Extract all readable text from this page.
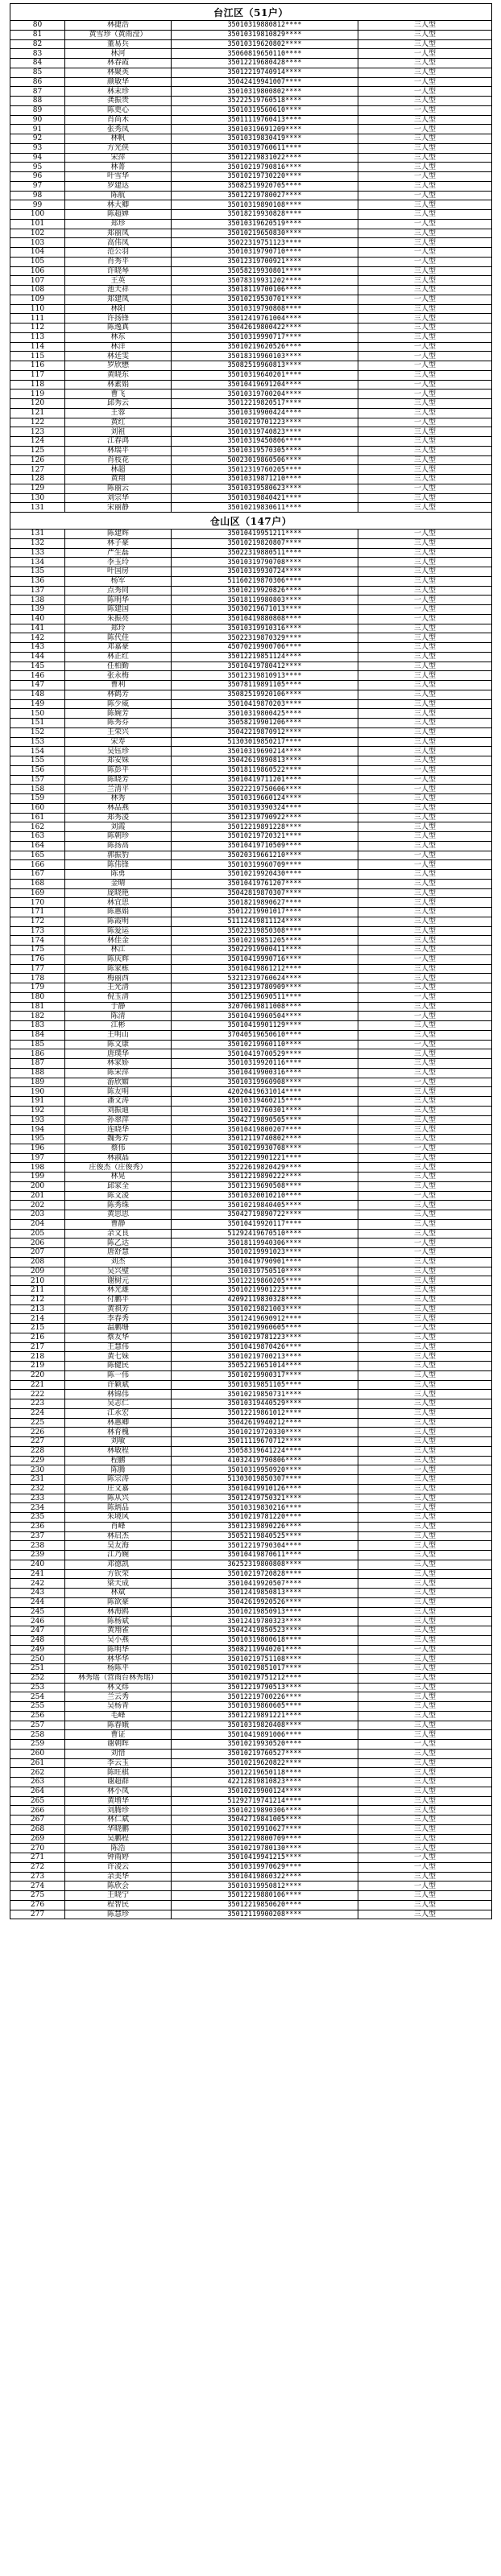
台江区（51户）			
80	林捷浩	35010319880812****	三人型
81	黄雪珍（黄雨滢）	35010319810829****	三人型
82	董易兵	35010319620802****	三人型
83	林河	35060819650110****	一人型
84	林春霞	35012219680428****	三人型
85	林聚英	35012219740914****	三人型
86	颜敏华	35042419941007****	一人型
87	林末珍	35010319800802****	一人型
88	龚振贵	35222519760518****	三人型
89	陈更心	35010319560610****	一人型
90	肖尚木	35011119760413****	三人型
91	张秀凤	35010319691209****	一人型
92	林帆	35010319830419****	三人型
93	方光侠	35010319760611****	三人型
94	宋萍	35012219831022****	三人型
95	林菁	35010219790816****	三人型
96	叶雪华	35010219730220****	一人型
97	罗建达	35082519920705****	三人型
98	陈航	35012219780027****	一人型
99	林大卿	35010319890108****	三人型
100	陈超婵	35018219930828****	三人型
101	郑珍	35010319620519****	一人型
102	郑丽凤	35010219650830****	三人型
103	高伟凤	35022319751123****	三人型
104	范公羽	35010319790710****	一人型
105	肖秀平	35012319700921****	一人型
106	许晓琴	35058219930801****	三人型
107	王英	35078319931202****	三人型
108	池天祥	35018119700106****	三人型
109	郑建凤	35010219530701****	一人型
110	林阳	35010319790808****	三人型
111	许扬锋	35012419761004****	三人型
112	陈逸真	35042619800422****	三人型
113	林东	35010319990717****	三人型
114	林洋	35010219620526****	一人型
115	林廷雯	35018319960103****	一人型
116	罗欣懋	35082519960813****	一人型
117	黄晓东	35010319640201****	三人型
118	林素娟	35010419691204****	一人型
119	曹飞	35010319700204****	一人型
120	邱秀云	35012219820517****	三人型
121	王蓉	35010319900424****	三人型
122	黄红	35010219701223****	一人型
123	刘祖	35010319740823****	三人型
124	江春鸿	35010319450806****	三人型
125	林瑞平	35010319570305****	三人型
126	肖枝花	50023019860506****	三人型
127	林超	35012319760205****	三人型
128	黄翔	35010319871210****	三人型
129	陈丽云	35010319580623****	一人型
130	刘宗华	35010319840421****	三人型
131	宋丽静	35010219830611****	三人型
仓山区（147户）			
131	陈建辉	35010419951211****	一人型
132	林子豪	35010219820807****	三人型
133	严生磊	35022319880511****	三人型
134	李玉玲	35010319790708****	三人型
135	叶国房	35010319930724****	三人型
136	杨军	51160219870306****	三人型
137	点秀同	35010219920826****	三人型
138	陈明华	35018119980803****	一人型
139	陈建国	35030219671013****	一人型
140	朱振亮	35010419880808****	一人型
141	郑玲	35010319910316****	三人型
142	陈代佳	35022319870329****	三人型
143	邓嘉豪	45070219900706****	三人型
144	林正红	35012219851124****	三人型
145	任柏勤	35010419780412****	三人型
146	张永梅	35012319810913****	三人型
147	曹利	35078119891105****	三人型
148	林鹤芳	35082519920106****	三人型
149	陈少威	35010419870203****	三人型
150	陈婉芳	35010319800425****	三人型
151	陈秀芬	35058219901206****	三人型
152	王荣兴	35042219870912****	三人型
153	宋寿	51303019850217****	三人型
154	吴钰珍	35010319690214****	三人型
155	郑安妹	35042619890813****	三人型
156	陈彭平	35018119860522****	一人型
157	陈晓芳	35010419711201****	一人型
158	兰清平	35022219750606****	一人型
159	林秀	35010319660124****	三人型
160	林品燕	35010319390324****	三人型
161	郑秀凌	35012319790922****	三人型
162	刘霞	35012219891228****	三人型
163	陈朝珍	35010219720321****	三人型
164	陈扬高	35010419710509****	三人型
165	郭振豹	35020319661210****	一人型
166	陈伟锋	35010319960709****	一人型
167	陈勇	35010219920430****	三人型
168	金晴	35010419761207****	三人型
169	庞晓艳	35042819870307****	三人型
170	林宜思	35018219890627****	三人型
171	陈惠娟	35012219901017****	三人型
172	陈霞明	51112419811124****	三人型
173	陈爱运	35022319850308****	三人型
174	林佳金	35010219851205****	三人型
175	林江	35022919900411****	三人型
176	陈庆辉	35010419990716****	一人型
177	陈家栋	35010419861212****	三人型
178	梅丽西	53212319760624****	三人型
179	王光清	35012319780909****	三人型
180	倪玉清	35012519690511****	一人型
181	于静	32070619811008****	三人型
182	陈清	35010419960504****	一人型
183	江彬	35010419901129****	三人型
184	王明山	37040519650610****	三人型
185	陈文康	35010219960110****	一人型
186	唐璞华	35010419700529****	三人型
187	林家娇	35010319920116****	三人型
188	陈宋萍	35010419900316****	三人型
189	游欣媚	35010319960908****	一人型
190	陈友明	42020419631014****	三人型
191	潘文涛	35010319460215****	三人型
192	刘振迪	35010219760301****	三人型
193	孙翠萍	35042719890505****	三人型
194	连晓华	35010419800207****	三人型
195	魏秀芳	35012119740802****	三人型
196	蔡伟	35010219930708****	一人型
197	林淑晶	35012219901221****	三人型
198	庄俊杰（庄俊秀）	35222619820429****	三人型
199	林晃	35012219890222****	三人型
200	邱家全	35012319690508****	三人型
201	陈文凌	35010320010210****	一人型
202	陈秀珠	35010219840405****	三人型
203	黄思思	35042719890722****	三人型
204	曹静	35010419920117****	三人型
205	余文良	51292419670510****	三人型
206	陈乙达	35018119940306****	一人型
207	唐舒慧	35010219991023****	一人型
208	刘杰	35010419790901****	三人型
209	吴兴璧	35010319750510****	三人型
210	谢树元	35012219860205****	三人型
211	林光雄	35010219901223****	三人型
212	付鹏平	42092119830328****	三人型
213	黄祺芳	35010219821003****	三人型
214	李春秀	35012419690912****	三人型
215	温鹏珊	35010219960605****	一人型
216	蔡友华	35010219781223****	三人型
217	王慧伟	35010419870426****	三人型
218	黄七妹	35010219700213****	三人型
219	陈健民	35052219651014****	三人型
220	陈一伟	35010219900317****	三人型
221	许颖斌	35010319851105****	三人型
222	林锦伟	35010219850731****	三人型
223	吴志仁	35010319440529****	三人型
224	江永宏	35012219861012****	三人型
225	林惠卿	35042619940212****	三人型
226	林育槐	35010219720330****	三人型
227	刘敏	35011119670712****	三人型
228	林敏程	35058319641224****	三人型
229	程鹏	41032419790806****	三人型
230	陈腾	35010319950920****	一人型
231	陈宗涛	51303019850307****	三人型
232	庄文嘉	35010419910126****	三人型
233	陈从兴	35012419750321****	三人型
234	陈炳品	35010319830216****	三人型
235	朱境风	35010219781220****	三人型
236	肖峰	35012319890226****	三人型
237	林启杰	35052119840525****	三人型
238	吴友海	35012219790304****	三人型
239	江乃婉	35010419870611****	三人型
240	邓德凯	36252319800808****	三人型
241	方钦荣	35010219720828****	三人型
242	梁天成	35010419920507****	三人型
243	林斌	35012419850813****	三人型
244	陈欲豪	35042619920526****	三人型
245	林海鸥	35010219850913****	三人型
246	陈杨斌	35012419780323****	三人型
247	黄翔雀	35042419850523****	三人型
248	吴小燕	35010319800618****	三人型
249	陈明华	35082119940201****	一人型
250	林华华	35010219751108****	三人型
251	杨陈平	35010219851017****	三人型
252	林秀瑶（营雨台林秀瑶）	35010219751212****	三人型
253	林文炜	35012219790513****	三人型
254	兰云秀	35012219700226****	三人型
255	吴杨青	35010319860605****	三人型
256	毛峰	35012219891221****	三人型
257	陈春娥	35010319820408****	三人型
258	曹证	35010419891006****	三人型
259	谢朝晖	35010219930520****	一人型
260	刘惜	35010219760527****	三人型
261	李云玉	35010219620822****	三人型
262	陈旺棋	35012219650118****	三人型
263	谢超群	42212819810823****	三人型
264	林小凤	35010219900124****	三人型
265	黄增华	51292719741214****	三人型
266	刘腾珍	35010219890306****	三人型
267	林仁斌	35042719841005****	三人型
268	华晓鹏	35010219910627****	三人型
269	吴鹏程	35012219800709****	三人型
270	陈浩	35010219780130****	三人型
271	钟雨婷	35010419941215****	一人型
272	许凌云	35010319970629****	一人型
273	余美华	35010419860322****	三人型
274	陈欣会	35010319950812****	一人型
275	王晓宁	35012219880106****	三人型
276	程智民	35012219850620****	三人型
277	陈慧珍	35012119900208****	三人型
